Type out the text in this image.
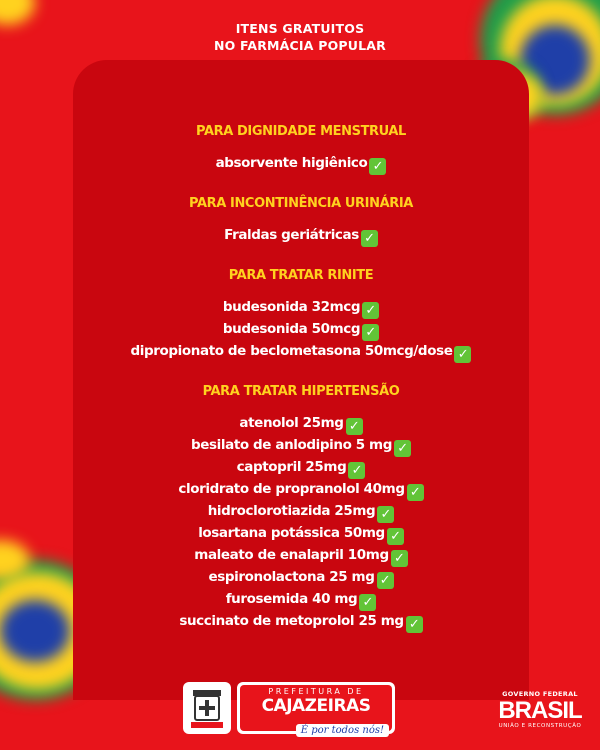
ITENS GRATUITOS
NO FARMÁCIA POPULAR
PARA DIGNIDADE MENSTRUAL
absorvente higiênico ✓
PARA INCONTINÊNCIA URINÁRIA
Fraldas geriátricas ✓
PARA TRATAR RINITE
budesonida 32mcg ✓
budesonida 50mcg ✓
dipropionato de beclometasona 50mcg/dose ✓
PARA TRATAR HIPERTENSÃO
atenolol 25mg ✓
besilato de anlodipino 5 mg ✓
captopril 25mg ✓
cloridrato de propranolol 40mg ✓
hidroclorotiazida 25mg ✓
losartana potássica 50mg ✓
maleato de enalapril 10mg ✓
espironolactona 25 mg ✓
furosemida 40 mg ✓
succinato de metoprolol 25 mg ✓
PREFEITURA DE
CAJAZEIRAS
É por todos nós!
GOVERNO FEDERAL
BRASIL
UNIÃO E RECONSTRUÇÃO
